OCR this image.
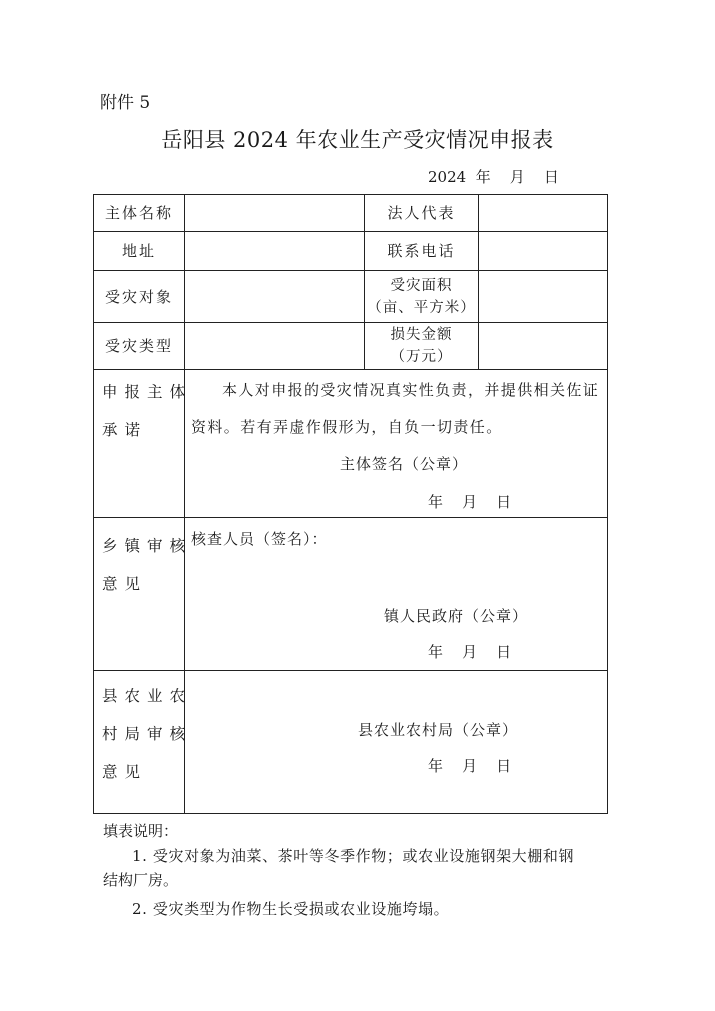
附件 5
岳阳县 2024 年农业生产受灾情况申报表
2024  年    月    日
主体名称	法人代表
地址	联系电话
受灾对象
受灾面积
（亩、平方米）
受灾类型
损失金额
（万元）
申报主体
承诺
本人对申报的受灾情况真实性负责，并提供相关佐证
资料。若有弄虚作假形为，自负一切责任。
主体签名（公章）
年    月    日
乡镇审核
意见
核查人员（签名）：
镇人民政府（公章）
年    月    日
县农业农
村局审核
意见
县农业农村局（公章）
年    月    日
填表说明：
1. 受灾对象为油菜、茶叶等冬季作物；或农业设施钢架大棚和钢
结构厂房。
2. 受灾类型为作物生长受损或农业设施垮塌。
